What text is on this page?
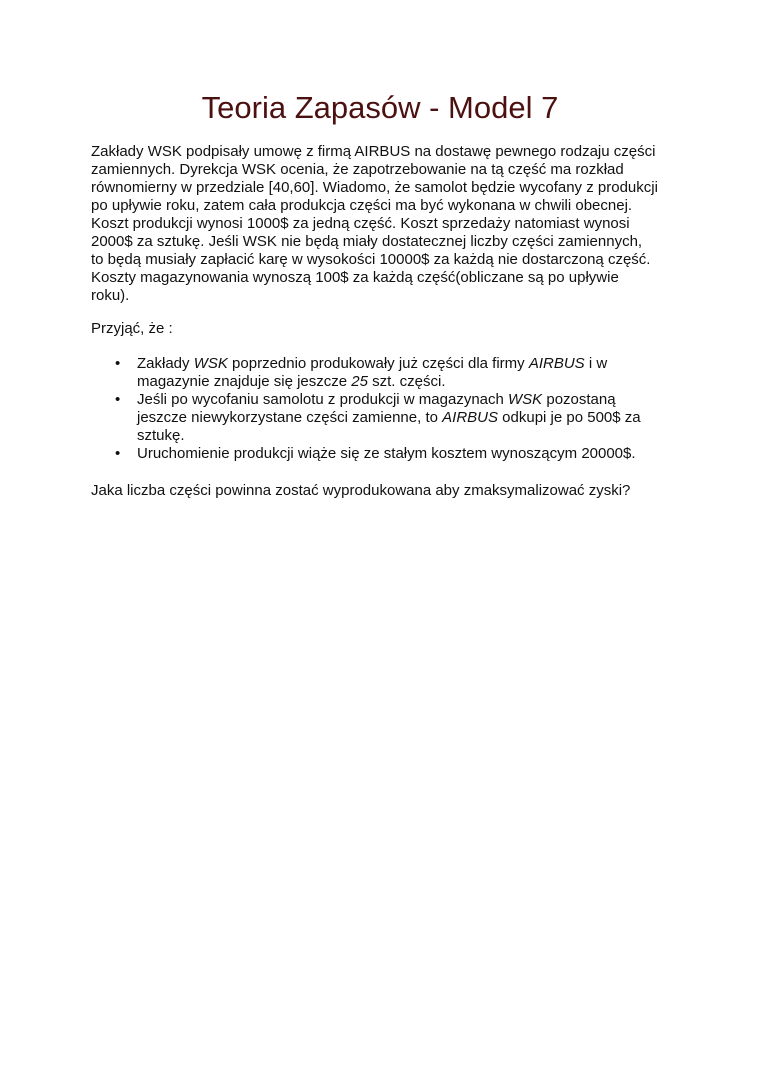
Teoria Zapasów - Model 7

Zakłady WSK podpisały umowę z firmą AIRBUS na dostawę pewnego rodzaju części
zamiennych. Dyrekcja WSK ocenia, że zapotrzebowanie na tą część ma rozkład
równomierny w przedziale [40,60]. Wiadomo, że samolot będzie wycofany z produkcji
po upływie roku, zatem cała produkcja części ma być wykonana w chwili obecnej.
Koszt produkcji wynosi 1000$ za jedną część. Koszt sprzedaży natomiast wynosi
2000$ za sztukę. Jeśli WSK nie będą miały dostatecznej liczby części zamiennych,
to będą musiały zapłacić karę w wysokości 10000$ za każdą nie dostarczoną część.
Koszty magazynowania wynoszą 100$ za każdą część(obliczane są po upływie
roku).

Przyjąć, że :

•	Zakłady WSK poprzednio produkowały już części dla firmy AIRBUS i w
magazynie znajduje się jeszcze 25 szt. części.
•	Jeśli po wycofaniu samolotu z produkcji w magazynach WSK pozostaną
jeszcze niewykorzystane części zamienne, to AIRBUS odkupi je po 500$ za
sztukę.
•	Uruchomienie produkcji wiąże się ze stałym kosztem wynoszącym 20000$.

Jaka liczba części powinna zostać wyprodukowana aby zmaksymalizować zyski?
